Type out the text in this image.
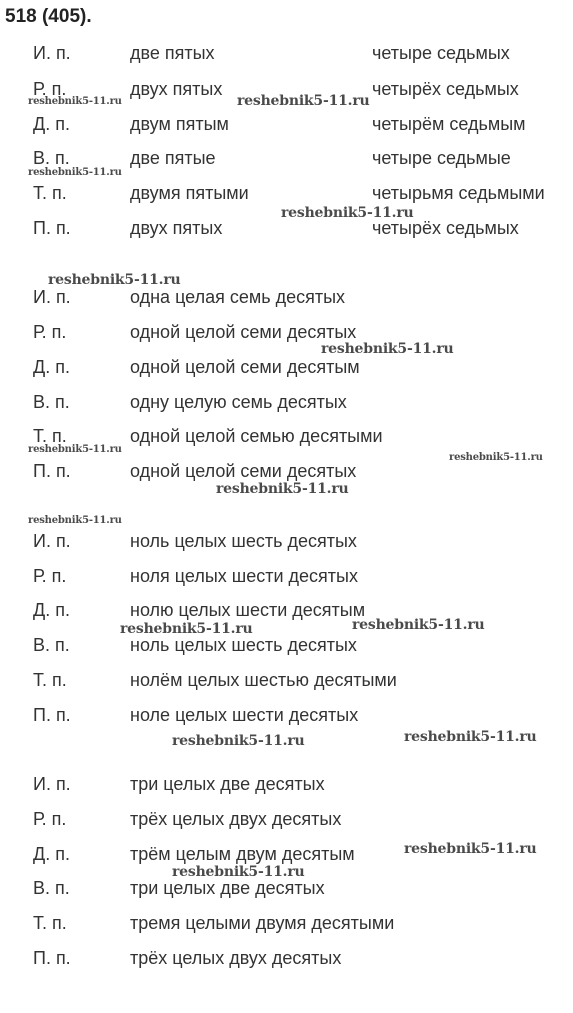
518 (405).
И. п.	две пятых	четыре седьмых
Р. п.	двух пятых	четырёх седьмых
Д. п.	двум пятым	четырём седьмым
В. п.	две пятые	четыре седьмые
Т. п.	двумя пятыми	четырьмя седьмыми
П. п.	двух пятых	четырёх седьмых
И. п.	одна целая семь десятых
Р. п.	одной целой семи десятых
Д. п.	одной целой семи десятым
В. п.	одну целую семь десятых
Т. п.	одной целой семью десятыми
П. п.	одной целой семи десятых
И. п.	ноль целых шесть десятых
Р. п.	ноля целых шести десятых
Д. п.	нолю целых шести десятым
В. п.	ноль целых шесть десятых
Т. п.	нолём целых шестью десятыми
П. п.	ноле целых шести десятых
И. п.	три целых две десятых
Р. п.	трёх целых двух десятых
Д. п.	трём целым двум десятым
В. п.	три целых две десятых
Т. п.	тремя целыми двумя десятыми
П. п.	трёх целых двух десятых
reshebnik5-11.ru	reshebnik5-11.ru
reshebnik5-11.ru
reshebnik5-11.ru
reshebnik5-11.ru
reshebnik5-11.ru
reshebnik5-11.ru
reshebnik5-11.ru
reshebnik5-11.ru
reshebnik5-11.ru
reshebnik5-11.ru
reshebnik5-11.ru
reshebnik5-11.ru
reshebnik5-11.ru
reshebnik5-11.ru
reshebnik5-11.ru
